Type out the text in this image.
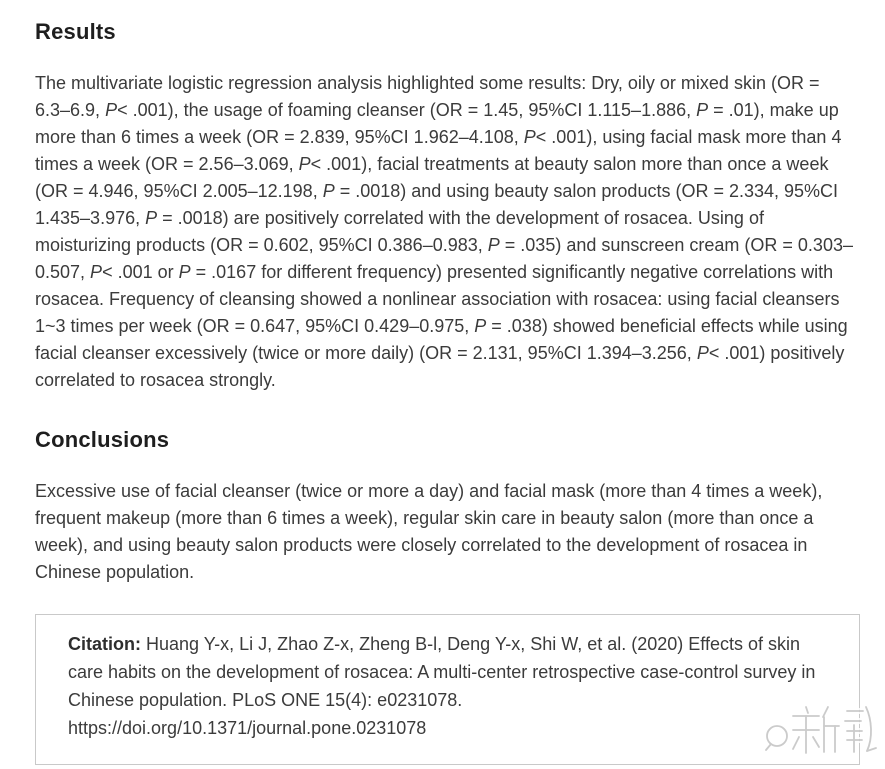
Results

The multivariate logistic regression analysis highlighted some results: Dry, oily or mixed skin (OR = 6.3–6.9, P< .001), the usage of foaming cleanser (OR = 1.45, 95%CI 1.115–1.886, P = .01), make up more than 6 times a week (OR = 2.839, 95%CI 1.962–4.108, P< .001), using facial mask more than 4 times a week (OR = 2.56–3.069, P< .001), facial treatments at beauty salon more than once a week (OR = 4.946, 95%CI 2.005–12.198, P = .0018) and using beauty salon products (OR = 2.334, 95%CI 1.435–3.976, P = .0018) are positively correlated with the development of rosacea. Using of moisturizing products (OR = 0.602, 95%CI 0.386–0.983, P = .035) and sunscreen cream (OR = 0.303–0.507, P< .001 or P = .0167 for different frequency) presented significantly negative correlations with rosacea. Frequency of cleansing showed a nonlinear association with rosacea: using facial cleansers 1~3 times per week (OR = 0.647, 95%CI 0.429–0.975, P = .038) showed beneficial effects while using facial cleanser excessively (twice or more daily) (OR = 2.131, 95%CI 1.394–3.256, P< .001) positively correlated to rosacea strongly.

Conclusions

Excessive use of facial cleanser (twice or more a day) and facial mask (more than 4 times a week), frequent makeup (more than 6 times a week), regular skin care in beauty salon (more than once a week), and using beauty salon products were closely correlated to the development of rosacea in Chinese population.

Citation: Huang Y-x, Li J, Zhao Z-x, Zheng B-l, Deng Y-x, Shi W, et al. (2020) Effects of skin care habits on the development of rosacea: A multi-center retrospective case-control survey in Chinese population. PLoS ONE 15(4): e0231078. https://doi.org/10.1371/journal.pone.0231078
